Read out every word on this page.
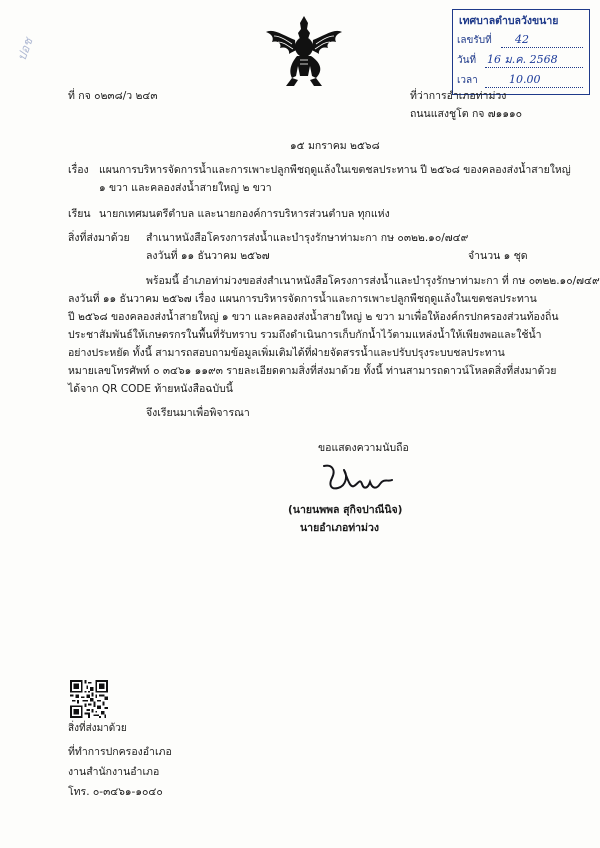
ปอช
เทศบาลตำบลวังขนาย
เลขรับที่ 42
วันที่ 16 ม.ค. 2568
เวลา	10.00
ที่ กจ ๐๒๓๘/ว ๒๔๓	ที่ว่าการอำเภอท่าม่วง
ถนนแสงชูโต กจ ๗๑๑๑๐
๑๕ มกราคม ๒๕๖๘
เรื่อง แผนการบริหารจัดการน้ำและการเพาะปลูกพืชฤดูแล้งในเขตชลประทาน ปี ๒๕๖๘ ของคลองส่งน้ำสายใหญ่
๑ ขวา และคลองส่งน้ำสายใหญ่ ๒ ขวา
เรียน นายกเทศมนตรีตำบล และนายกองค์การบริหารส่วนตำบล ทุกแห่ง
สิ่งที่ส่งมาด้วย สำเนาหนังสือโครงการส่งน้ำและบำรุงรักษาท่ามะกา กษ ๐๓๒๒.๑๐/๗๔๙
ลงวันที่ ๑๑ ธันวาคม ๒๕๖๗	จำนวน ๑ ชุด
พร้อมนี้ อำเภอท่าม่วงขอส่งสำเนาหนังสือโครงการส่งน้ำและบำรุงรักษาท่ามะกา ที่ กษ ๐๓๒๒.๑๐/๗๔๙
ลงวันที่ ๑๑ ธันวาคม ๒๕๖๗ เรื่อง แผนการบริหารจัดการน้ำและการเพาะปลูกพืชฤดูแล้งในเขตชลประทาน
ปี ๒๕๖๘ ของคลองส่งน้ำสายใหญ่ ๑ ขวา และคลองส่งน้ำสายใหญ่ ๒ ขวา มาเพื่อให้องค์กรปกครองส่วนท้องถิ่น
ประชาสัมพันธ์ให้เกษตรกรในพื้นที่รับทราบ รวมถึงดำเนินการเก็บกักน้ำไว้ตามแหล่งน้ำให้เพียงพอและใช้น้ำ
อย่างประหยัด ทั้งนี้ สามารถสอบถามข้อมูลเพิ่มเติมได้ที่ฝ่ายจัดสรรน้ำและปรับปรุงระบบชลประทาน
หมายเลขโทรศัพท์ ๐ ๓๔๖๑ ๑๑๙๓ รายละเอียดตามสิ่งที่ส่งมาด้วย ทั้งนี้ ท่านสามารถดาวน์โหลดสิ่งที่ส่งมาด้วย
ได้จาก QR CODE ท้ายหนังสือฉบับนี้
จึงเรียนมาเพื่อพิจารณา
ขอแสดงความนับถือ
(นายนพพล สุกิจปาณีนิจ)
นายอำเภอท่าม่วง
สิ่งที่ส่งมาด้วย
ที่ทำการปกครองอำเภอ
งานสำนักงานอำเภอ
โทร. ๐-๓๔๖๑-๑๐๔๐
